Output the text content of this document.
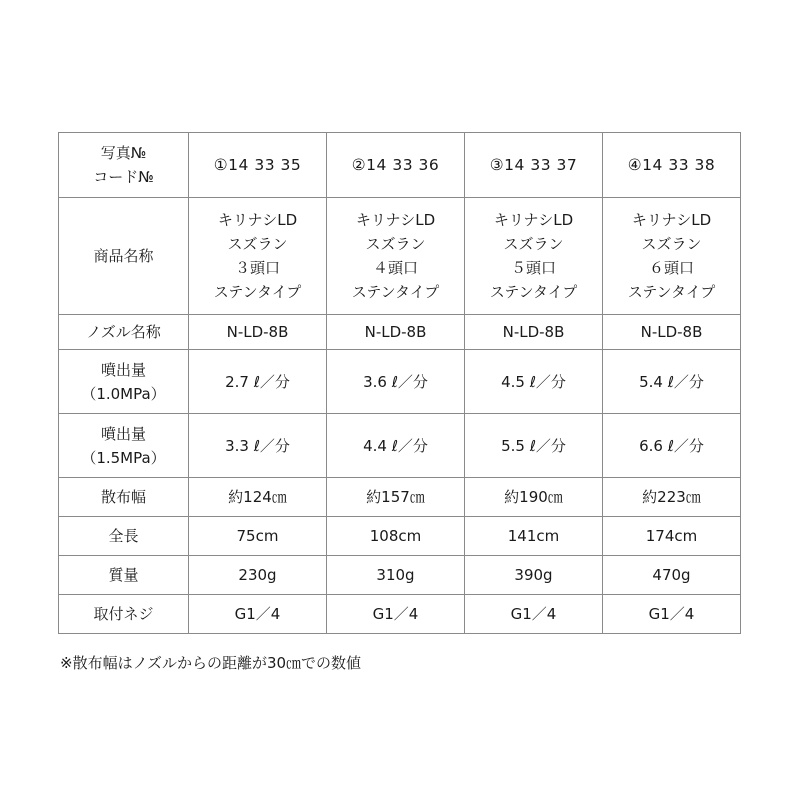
写真№
コード№	①14 33 35	②14 33 36	③14 33 37	④14 33 38
商品名称	キリナシLD
スズラン
３頭口
ステンタイプ	キリナシLD
スズラン
４頭口
ステンタイプ	キリナシLD
スズラン
５頭口
ステンタイプ	キリナシLD
スズラン
６頭口
ステンタイプ

ノズル名称	N-LD-8B	N-LD-8B	N-LD-8B	N-LD-8B

噴出量
（1.0MPa）	2.7 ℓ／分	3.6 ℓ／分	4.5 ℓ／分	5.4 ℓ／分

噴出量
（1.5MPa）	3.3 ℓ／分	4.4 ℓ／分	5.5 ℓ／分	6.6 ℓ／分
散布幅	約124㎝	約157㎝	約190㎝	約223㎝
全長	75cm	108cm	141cm	174cm
質量	230g	310g	390g	470g
取付ネジ	G1／4	G1／4	G1／4	G1／4
※散布幅はノズルからの距離が30㎝での数値
